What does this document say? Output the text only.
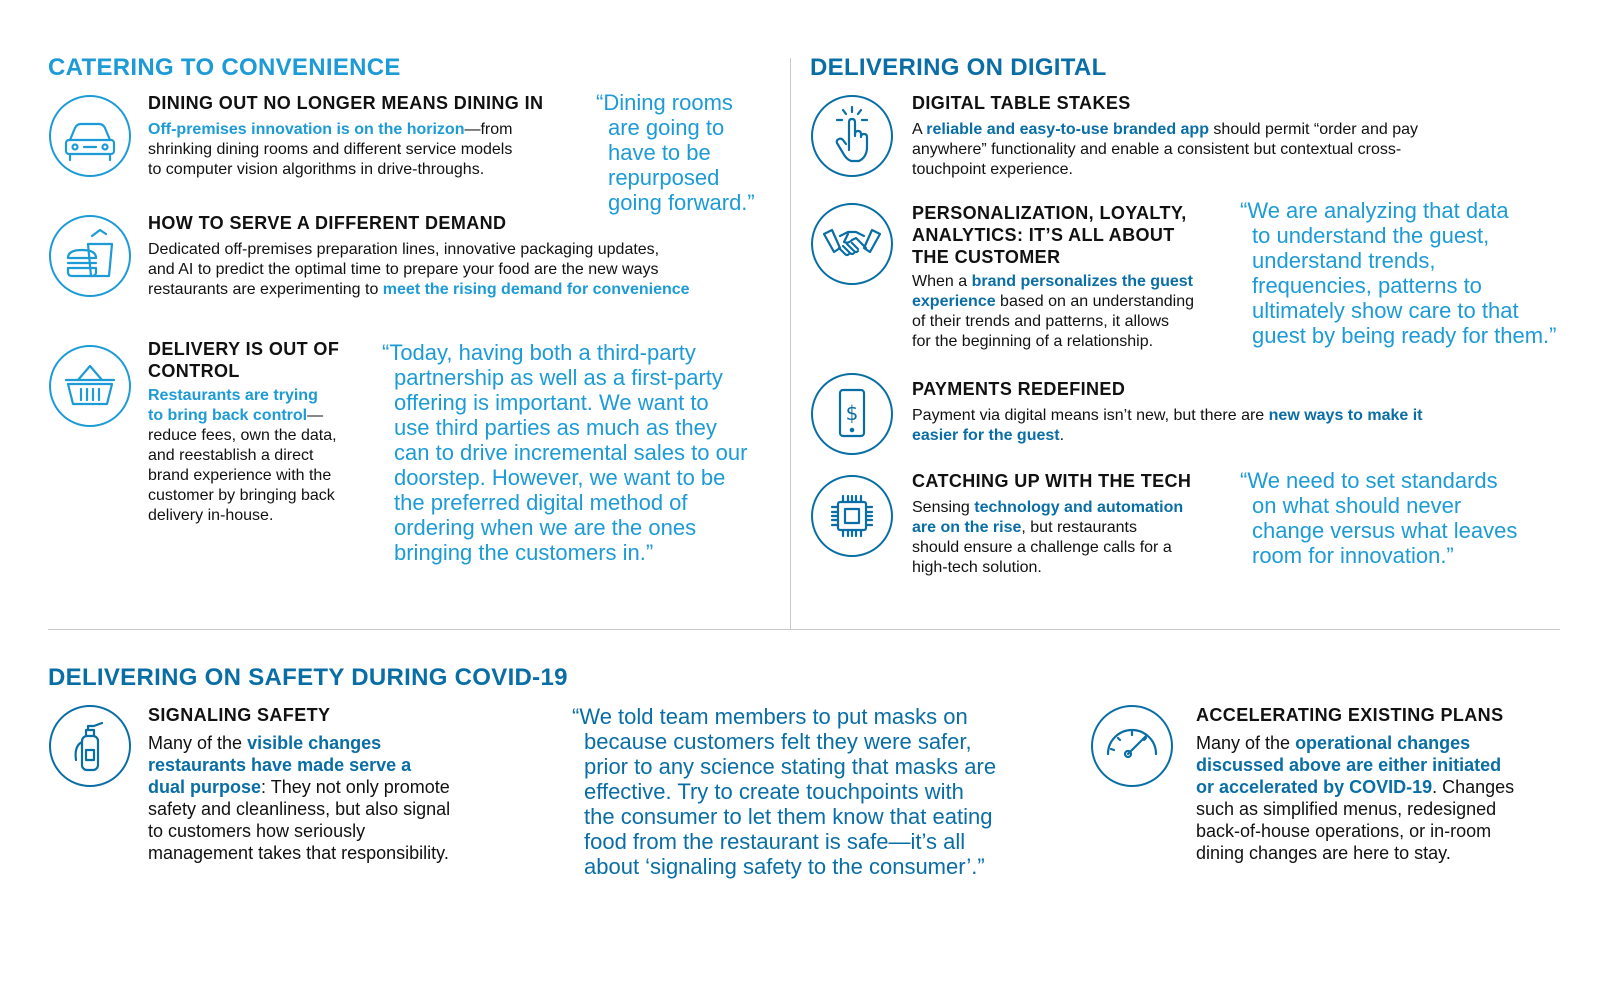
CATERING TO CONVENIENCE
DINING OUT NO LONGER MEANS DINING IN
Off-premises innovation is on the horizon—from
shrinking dining rooms and different service models
to computer vision algorithms in drive-throughs.
“Dining rooms
are going to
have to be
repurposed
going forward.”
HOW TO SERVE A DIFFERENT DEMAND
Dedicated off-premises preparation lines, innovative packaging updates,
and AI to predict the optimal time to prepare your food are the new ways
restaurants are experimenting to meet the rising demand for convenience
DELIVERY IS OUT OF
CONTROL
Restaurants are trying
to bring back control—
reduce fees, own the data,
and reestablish a direct
brand experience with the
customer by bringing back
delivery in-house.
“Today, having both a third-party
partnership as well as a first-party
offering is important. We want to
use third parties as much as they
can to drive incremental sales to our
doorstep. However, we want to be
the preferred digital method of
ordering when we are the ones
bringing the customers in.”
DELIVERING ON DIGITAL
DIGITAL TABLE STAKES
A reliable and easy-to-use branded app should permit “order and pay
anywhere” functionality and enable a consistent but contextual cross-
touchpoint experience.
PERSONALIZATION, LOYALTY,
ANALYTICS: IT’S ALL ABOUT
THE CUSTOMER
When a brand personalizes the guest
experience based on an understanding
of their trends and patterns, it allows
for the beginning of a relationship.
“We are analyzing that data
to understand the guest,
understand trends,
frequencies, patterns to
ultimately show care to that
guest by being ready for them.”
$
PAYMENTS REDEFINED
Payment via digital means isn’t new, but there are new ways to make it
easier for the guest.
CATCHING UP WITH THE TECH
Sensing technology and automation
are on the rise, but restaurants
should ensure a challenge calls for a
high-tech solution.
“We need to set standards
on what should never
change versus what leaves
room for innovation.”
DELIVERING ON SAFETY DURING COVID-19
SIGNALING SAFETY
Many of the visible changes
restaurants have made serve a
dual purpose: They not only promote
safety and cleanliness, but also signal
to customers how seriously
management takes that responsibility.
“We told team members to put masks on
because customers felt they were safer,
prior to any science stating that masks are
effective. Try to create touchpoints with
the consumer to let them know that eating
food from the restaurant is safe—it’s all
about ‘signaling safety to the consumer’.”
ACCELERATING EXISTING PLANS
Many of the operational changes
discussed above are either initiated
or accelerated by COVID-19. Changes
such as simplified menus, redesigned
back-of-house operations, or in-room
dining changes are here to stay.
